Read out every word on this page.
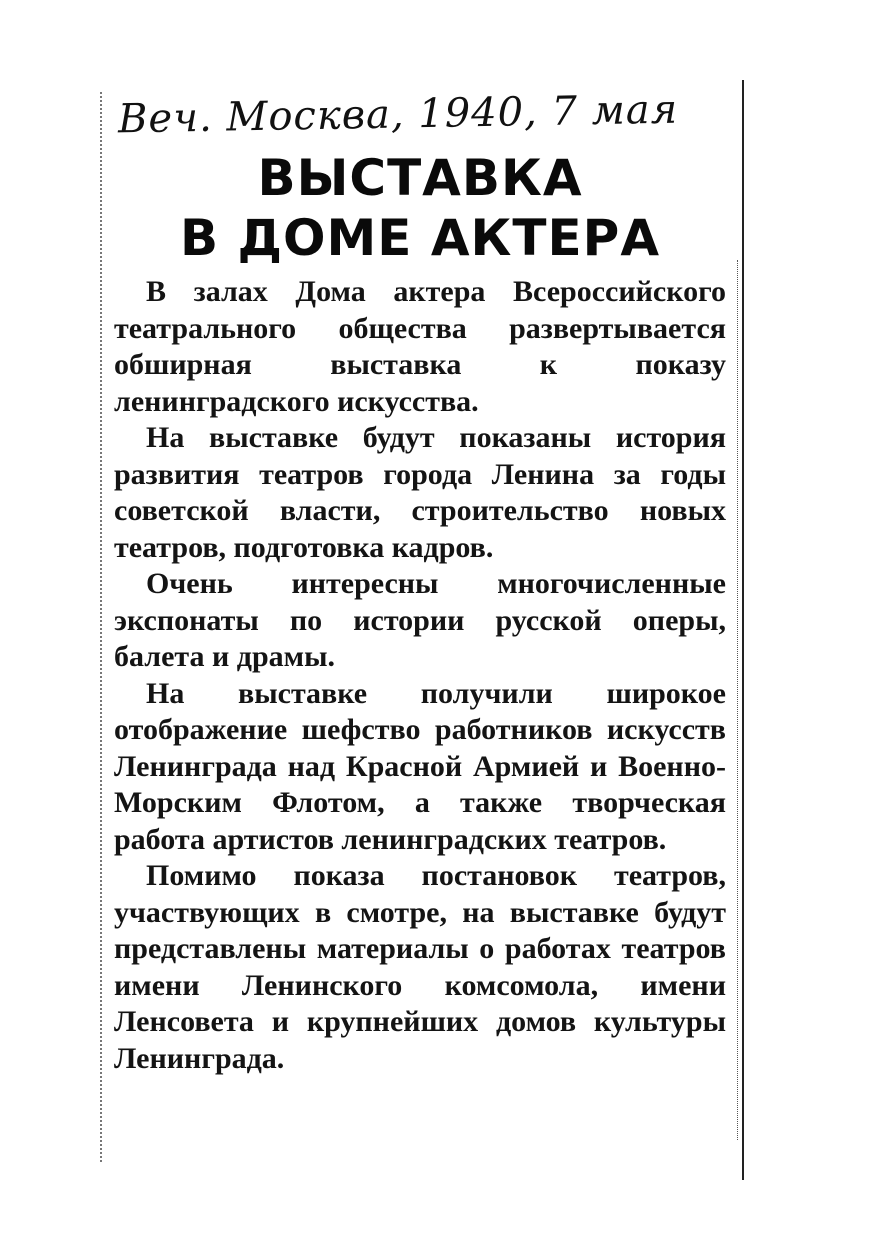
Веч. Москва, 1940, 7 мая
ВЫСТАВКА
В ДОМЕ АКТЕРА

В залах Дома актера Всероссийского театрального общества развертывается обширная выставка к показу ленинградского искусства.

На выставке будут показаны история развития театров города Ленина за годы советской власти, строительство новых театров, подготовка кадров.

Очень интересны многочисленные экспонаты по истории русской оперы, балета и драмы.

На выставке получили широкое отображение шефство работников искусств Ленинграда над Красной Армией и Военно-Морским Флотом, а также творческая работа артистов ленинградских театров.

Помимо показа постановок театров, участвующих в смотре, на выставке будут представлены материалы о работах театров имени Ленинского комсомола, имени Ленсовета и крупнейших домов культуры Ленинграда.
